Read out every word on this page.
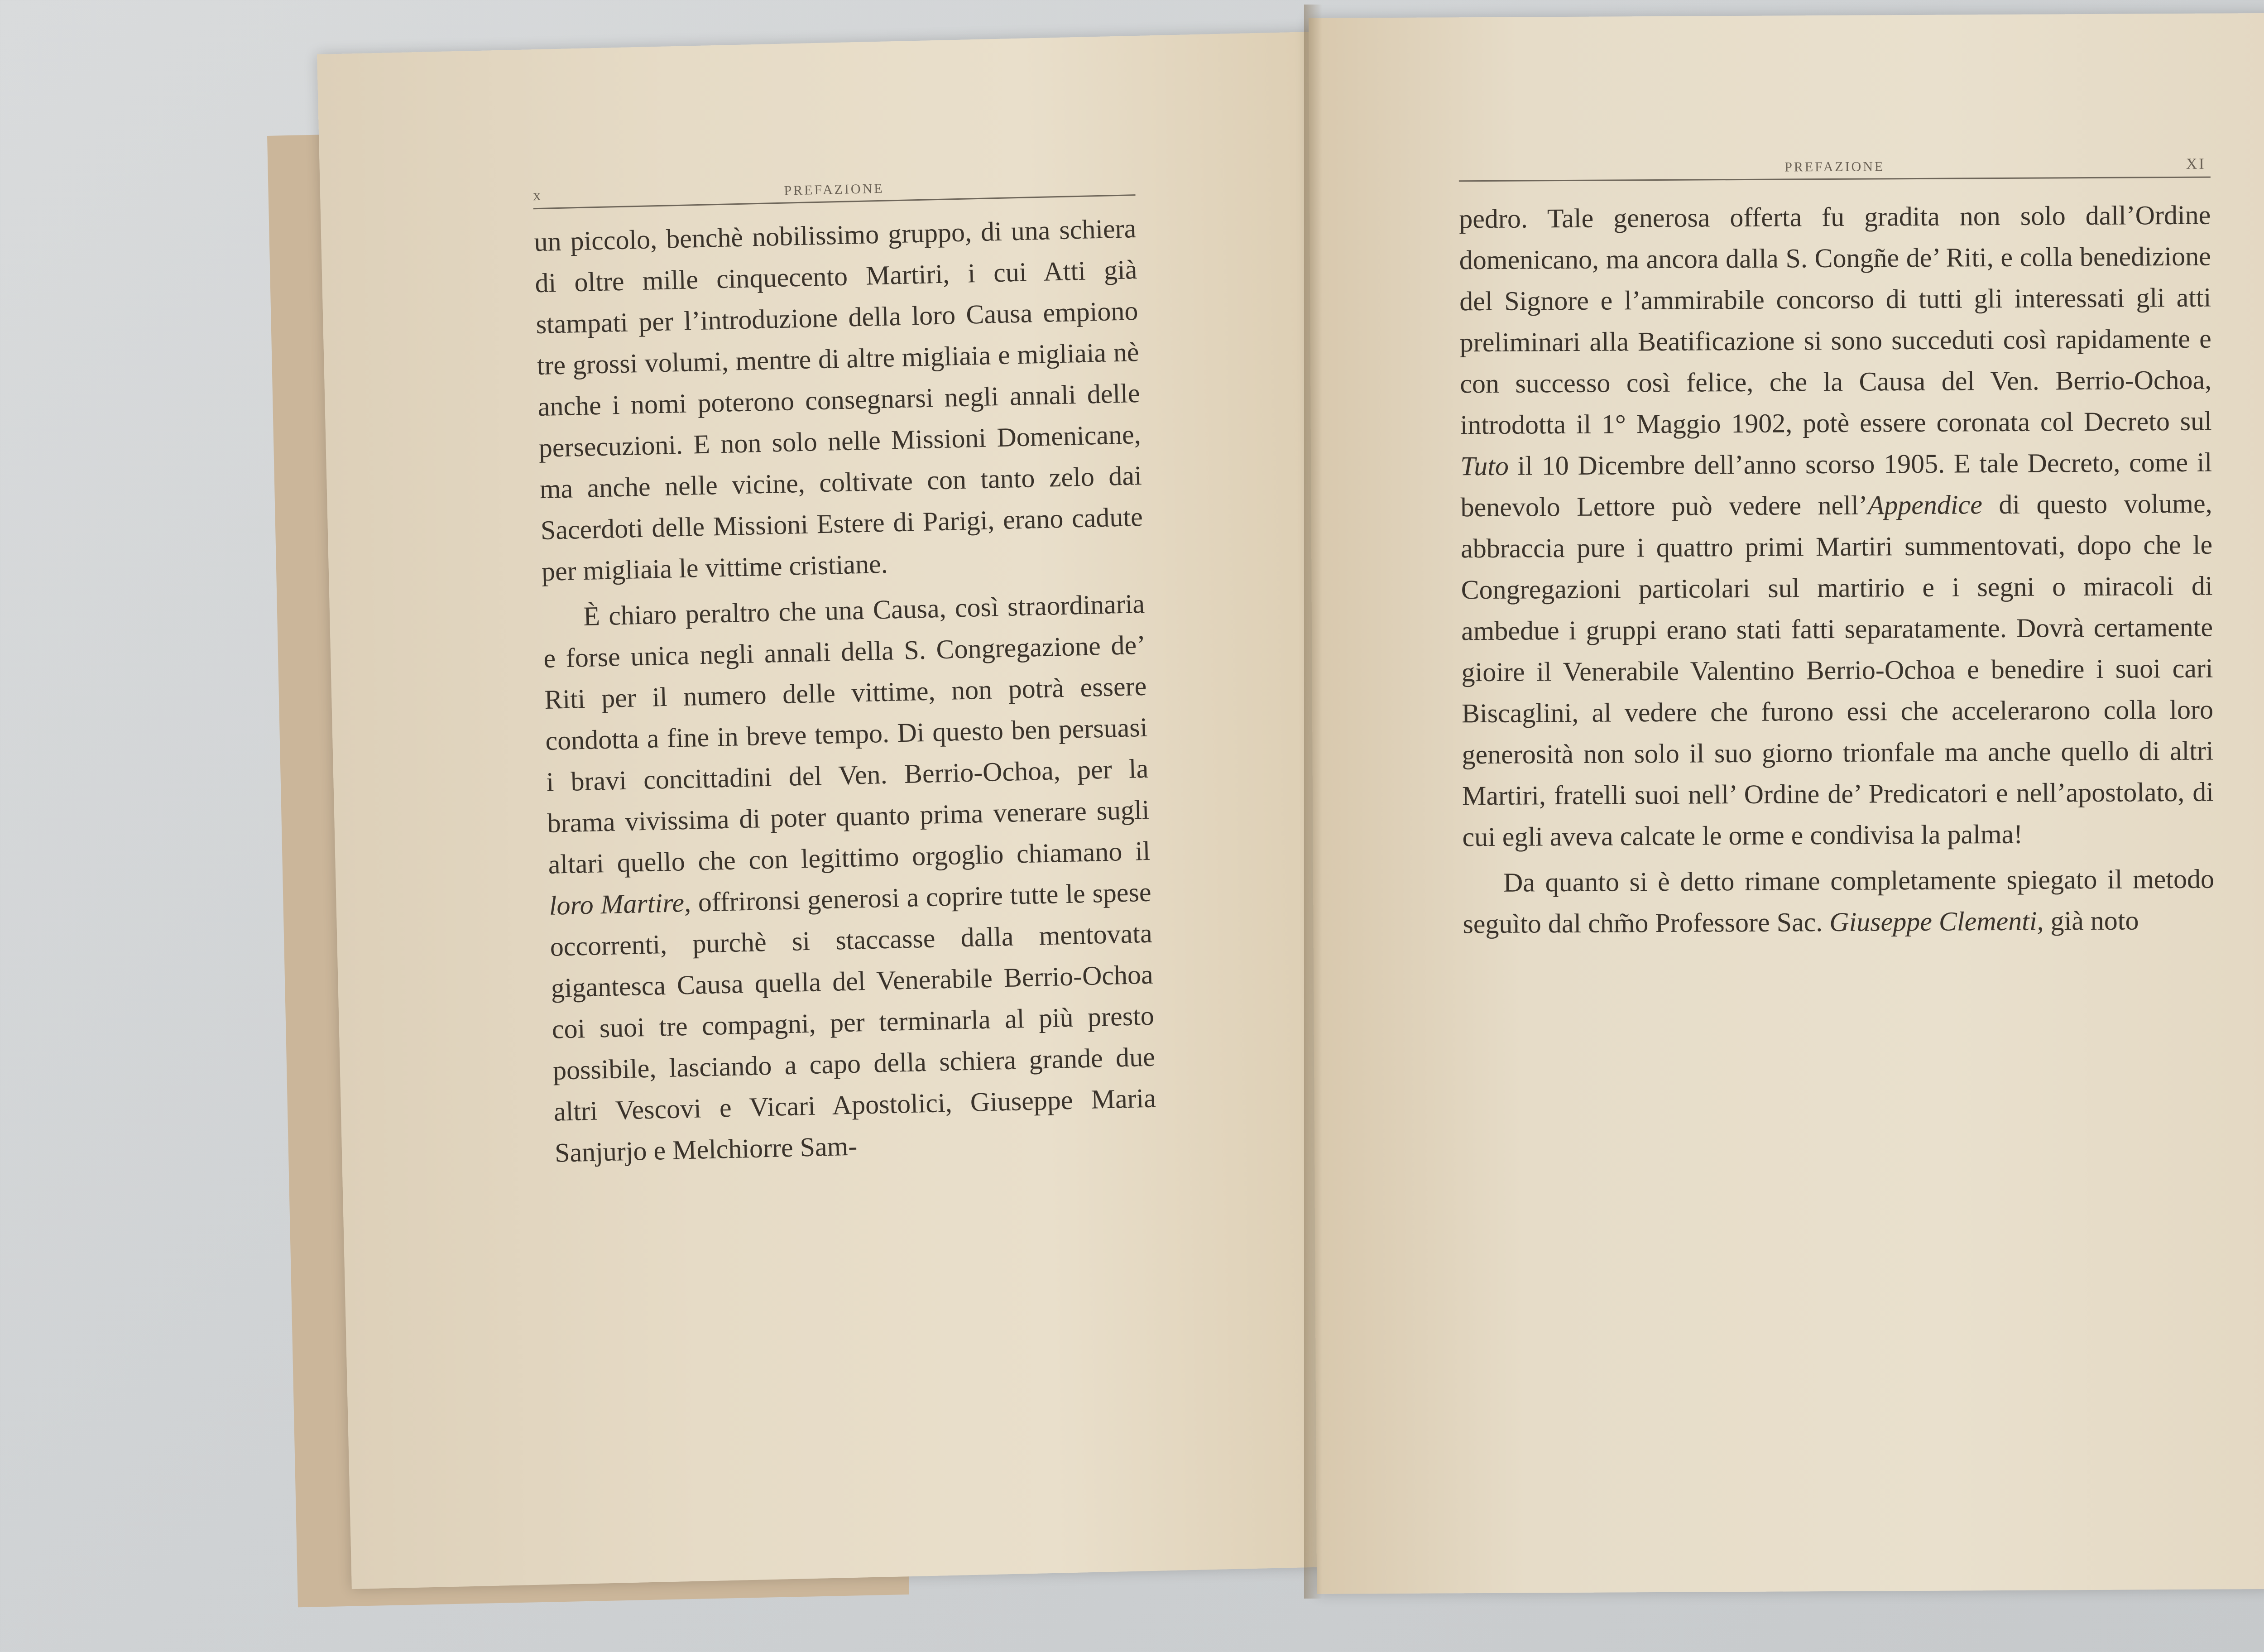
x	PREFAZIONE

un piccolo, benchè nobilissimo gruppo, di una schiera di oltre mille cinquecento Martiri, i cui Atti già stampati per l’introduzione della loro Causa empiono tre grossi volumi, mentre di altre migliaia e migliaia nè anche i nomi poterono consegnarsi negli annali delle persecuzioni. E non solo nelle Missioni Domenicane, ma anche nelle vicine, coltivate con tanto zelo dai Sacerdoti delle Missioni Estere di Parigi, erano cadute per migliaia le vittime cristiane.

È chiaro peraltro che una Causa, così straordinaria e forse unica negli annali della S. Congregazione de’ Riti per il numero delle vittime, non potrà essere condotta a fine in breve tempo. Di questo ben persuasi i bravi concittadini del Ven. Berrio-Ochoa, per la brama vivissima di poter quanto prima venerare sugli altari quello che con legittimo orgoglio chiamano il loro Martire, offrironsi generosi a coprire tutte le spese occorrenti, purchè si staccasse dalla mentovata gigantesca Causa quella del Venerabile Berrio-Ochoa coi suoi tre compagni, per terminarla al più presto possibile, lasciando a capo della schiera grande due altri Vescovi e Vicari Apostolici, Giuseppe Maria Sanjurjo e Melchiorre Sam-

PREFAZIONE	XI

pedro. Tale generosa offerta fu gradita non solo dall’Ordine domenicano, ma ancora dalla S. Congñe de’ Riti, e colla benedizione del Signore e l’ammirabile concorso di tutti gli interessati gli atti preliminari alla Beatificazione si sono succeduti così rapidamente e con successo così felice, che la Causa del Ven. Berrio-Ochoa, introdotta il 1° Maggio 1902, potè essere coronata col Decreto sul Tuto il 10 Dicembre dell’anno scorso 1905. E tale Decreto, come il benevolo Lettore può vedere nell’Appendice di questo volume, abbraccia pure i quattro primi Martiri summentovati, dopo che le Congregazioni particolari sul martirio e i segni o miracoli di ambedue i gruppi erano stati fatti separatamente. Dovrà certamente gioire il Venerabile Valentino Berrio-Ochoa e benedire i suoi cari Biscaglini, al vedere che furono essi che accelerarono colla loro generosità non solo il suo giorno trionfale ma anche quello di altri Martiri, fratelli suoi nell’ Ordine de’ Predicatori e nell’apostolato, di cui egli aveva calcate le orme e condivisa la palma!

Da quanto si è detto rimane completamente spiegato il metodo seguìto dal chm̃o Professore Sac. Giuseppe Clementi, già noto
